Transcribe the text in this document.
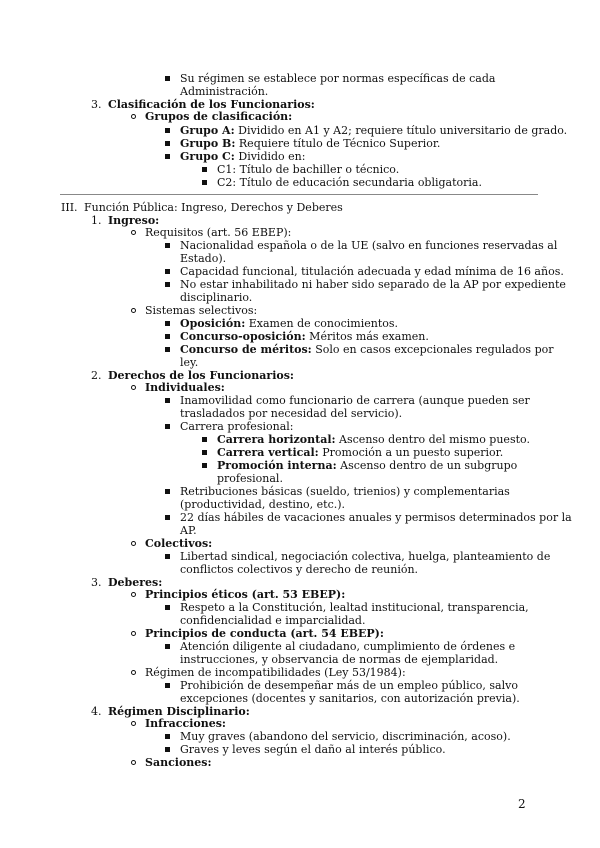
Su régimen se establece por normas específicas de cada
Administración.
3. Clasificación de los Funcionarios:
Grupos de clasificación:
Grupo A: Dividido en A1 y A2; requiere título universitario de grado.
Grupo B: Requiere título de Técnico Superior.
Grupo C: Dividido en:
C1: Título de bachiller o técnico.
C2: Título de educación secundaria obligatoria.
III. Función Pública: Ingreso, Derechos y Deberes
1. Ingreso:
Requisitos (art. 56 EBEP):
Nacionalidad española o de la UE (salvo en funciones reservadas al
Estado).
Capacidad funcional, titulación adecuada y edad mínima de 16 años.
No estar inhabilitado ni haber sido separado de la AP por expediente
disciplinario.
Sistemas selectivos:
Oposición: Examen de conocimientos.
Concurso-oposición: Méritos más examen.
Concurso de méritos: Solo en casos excepcionales regulados por
ley.
2. Derechos de los Funcionarios:
Individuales:
Inamovilidad como funcionario de carrera (aunque pueden ser
trasladados por necesidad del servicio).
Carrera profesional:
Carrera horizontal: Ascenso dentro del mismo puesto.
Carrera vertical: Promoción a un puesto superior.
Promoción interna: Ascenso dentro de un subgrupo
profesional.
Retribuciones básicas (sueldo, trienios) y complementarias
(productividad, destino, etc.).
22 días hábiles de vacaciones anuales y permisos determinados por la
AP.
Colectivos:
Libertad sindical, negociación colectiva, huelga, planteamiento de
conflictos colectivos y derecho de reunión.
3. Deberes:
Principios éticos (art. 53 EBEP):
Respeto a la Constitución, lealtad institucional, transparencia,
confidencialidad e imparcialidad.
Principios de conducta (art. 54 EBEP):
Atención diligente al ciudadano, cumplimiento de órdenes e
instrucciones, y observancia de normas de ejemplaridad.
Régimen de incompatibilidades (Ley 53/1984):
Prohibición de desempeñar más de un empleo público, salvo
excepciones (docentes y sanitarios, con autorización previa).
4. Régimen Disciplinario:
Infracciones:
Muy graves (abandono del servicio, discriminación, acoso).
Graves y leves según el daño al interés público.
Sanciones:
2
